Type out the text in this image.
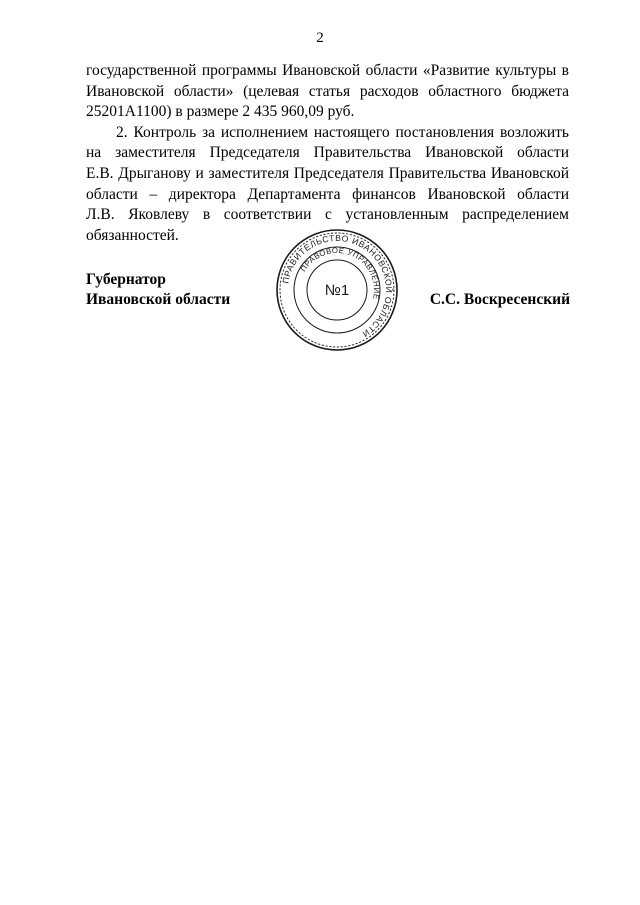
2

государственной программы Ивановской области «Развитие культуры в
Ивановской области» (целевая статья расходов областного бюджета
25201А1100) в размере 2 435 960,09 руб.

2. Контроль за исполнением настоящего постановления возложить
на заместителя Председателя Правительства Ивановской области
Е.В. Дрыганову и заместителя Председателя Правительства Ивановской
области – директора Департамента финансов Ивановской области
Л.В. Яковлеву в соответствии с установленным распределением
обязанностей.

Губернатор
Ивановской области	С.С. Воскресенский
ПРАВИТЕЛЬСТВО ИВАНОВСКОЙ ОБЛАСТИ
ПРАВОВОЕ УПРАВЛЕНИЕ
№1
